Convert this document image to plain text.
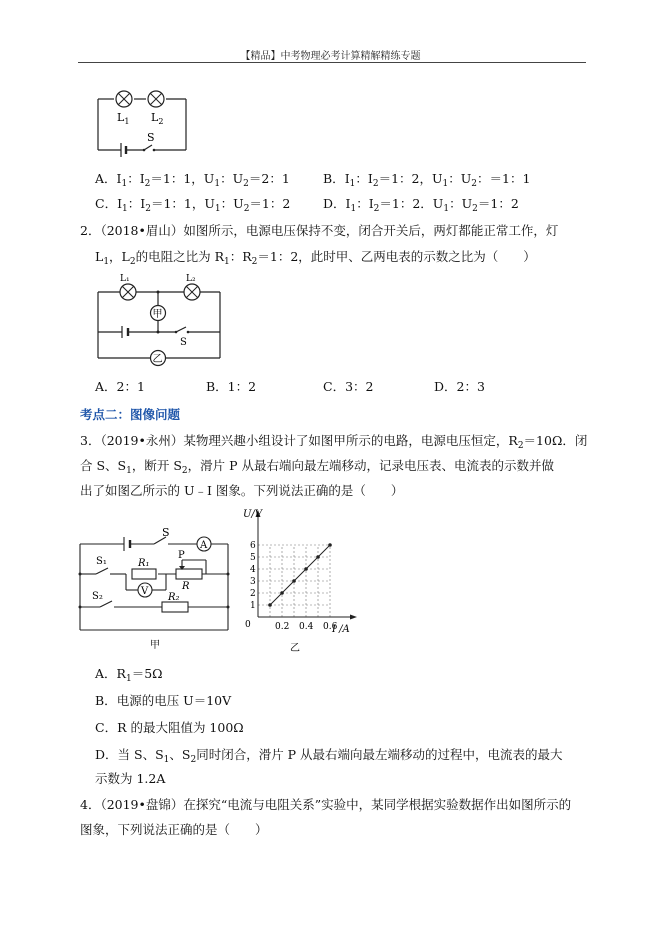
【精品】中考物理必考计算精解精练专题
$L_1$ $L_2$
S
A．$I_1$：$I_2=1$：1，$U_1$：$U_2=2$：1	B．$I_1$：$I_2=1$：2，$U_1$：$U_2$：＝1：1
C．$I_1$：$I_2=1$：1，$U_1$：$U_2=1$：2	D．$I_1$：$I_2=1$：2．$U_1$：$U_2=1$：2
2．（2018•眉山）如图所示，电源电压保持不变，闭合开关后，两灯都能正常工作，灯
$L_1$，$L_2$的电阻之比为 $R_1$：$R_2=1$：2，此时甲、乙两电表的示数之比为（　　）
甲
乙
L₁	L₂
S
A．2：1	B．1：2	C．3：2	D．2：3
考点二：图像问题
3．（2019•永州）某物理兴趣小组设计了如图甲所示的电路，电源电压恒定，$R_2=10\Omega$．闭
合 S、$S_1$，断开 $S_2$，滑片 P 从最右端向最左端移动，记录电压表、电流表的示数并做
出了如图乙所示的 U﹣I 图象。下列说法正确的是（　　）
A
V
S
S₁	R₁
P
R
S₂	R₂
甲
1
2
3
4
5
6
0.2 0.4 0.6
U/V
I /A
0
乙
A．$R_1=5\Omega$
B．电源的电压 U＝10V
C．R 的最大阻值为 100Ω
D．当 S、$S_1$、$S_2$同时闭合，滑片 P 从最右端向最左端移动的过程中，电流表的最大
示数为 1.2A
4．（2019•盘锦）在探究“电流与电阻关系”实验中，某同学根据实验数据作出如图所示的
图象，下列说法正确的是（　　）
